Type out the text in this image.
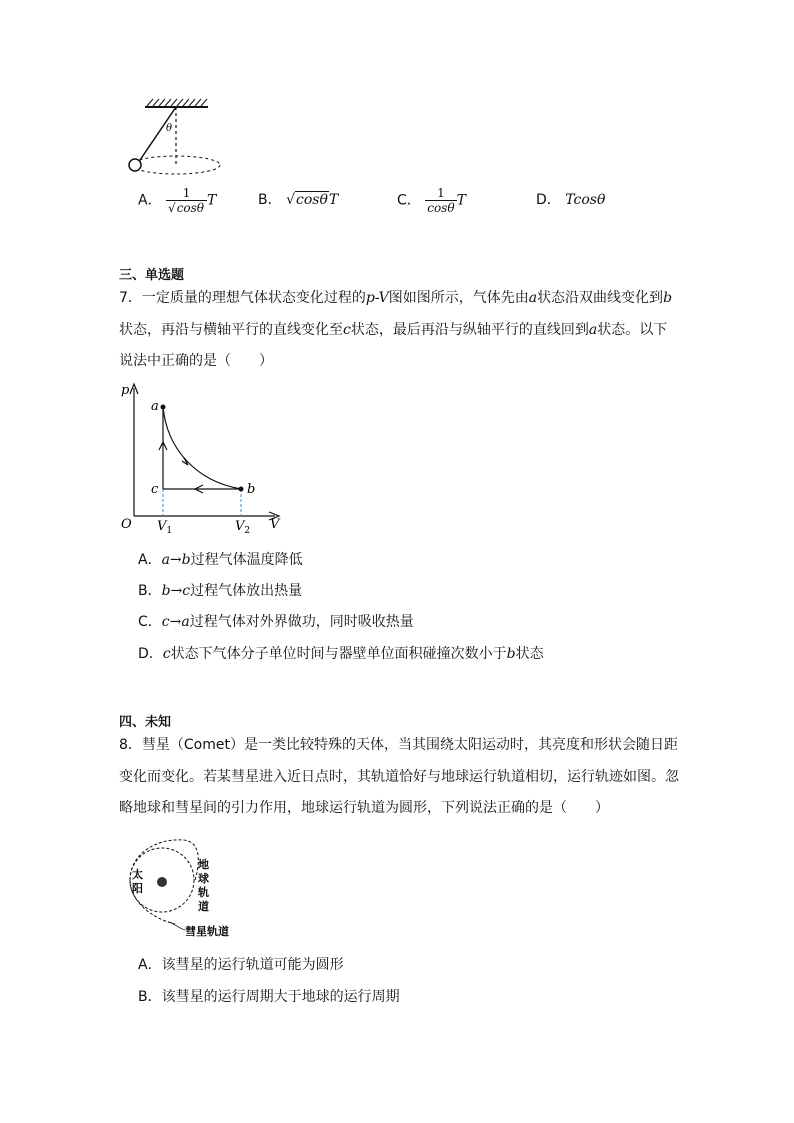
θ
A． $\frac{1}{√\cos\theta}$ T	B． √cosθT	C． $\frac{1}{\cos\theta}$ T	D． Tcosθ
三、单选题
7．一定质量的理想气体状态变化过程的p-V图如图所示，气体先由a状态沿双曲线变化到b
状态，再沿与横轴平行的直线变化至c状态，最后再沿与纵轴平行的直线回到a状态。以下
说法中正确的是（　　）
p
V
O
a
b
c
$V_1$	$V_2$
A．a→b过程气体温度降低
B．b→c过程气体放出热量
C．c→a过程气体对外界做功，同时吸收热量
D．c状态下气体分子单位时间与器壁单位面积碰撞次数小于b状态
四、未知
8．彗星（Comet）是一类比较特殊的天体，当其围绕太阳运动时，其亮度和形状会随日距
变化而变化。若某彗星进入近日点时，其轨道恰好与地球运行轨道相切，运行轨迹如图。忽
略地球和彗星间的引力作用，地球运行轨道为圆形，下列说法正确的是（　　）
太
阳
地
球
轨
道
彗星轨道
A．该彗星的运行轨道可能为圆形
B．该彗星的运行周期大于地球的运行周期
